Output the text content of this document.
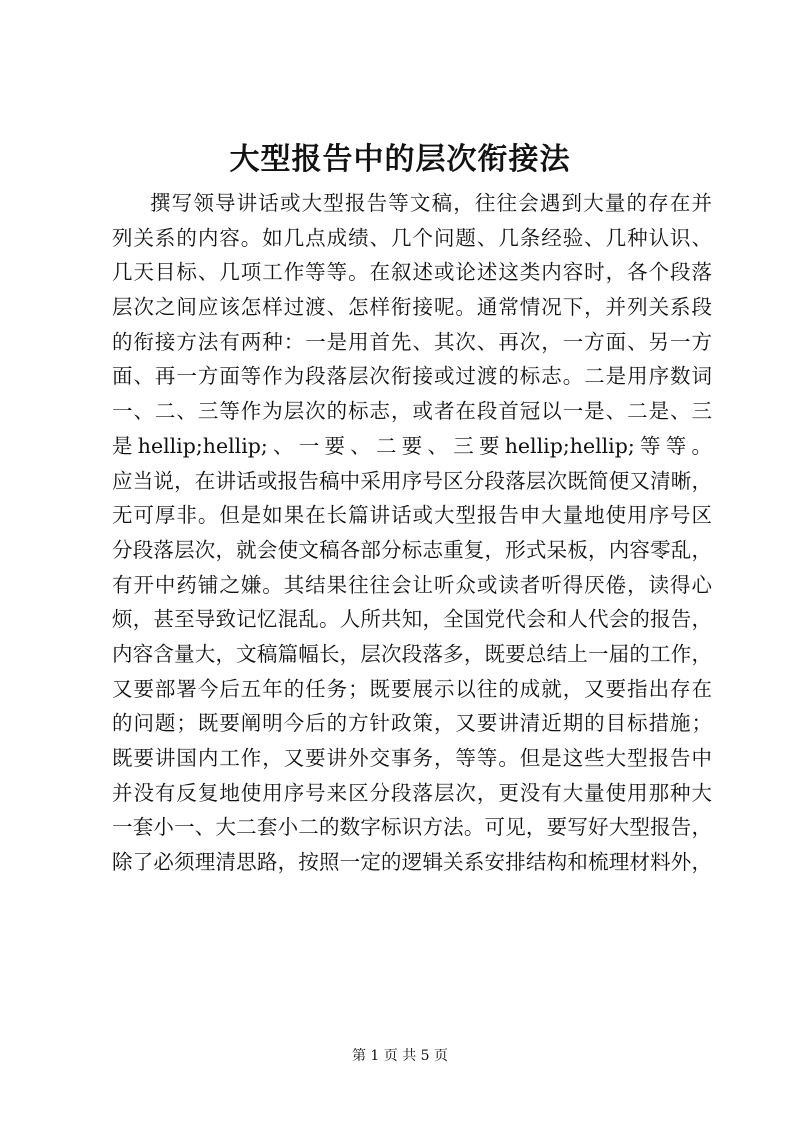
大型报告中的层次衔接法
撰写领导讲话或大型报告等文稿，往往会遇到大量的存在并
列关系的内容。如几点成绩、几个问题、几条经验、几种认识、
几天目标、几项工作等等。在叙述或论述这类内容时，各个段落
层次之间应该怎样过渡、怎样衔接呢。通常情况下，并列关系段
的衔接方法有两种：一是用首先、其次、再次，一方面、另一方
面、再一方面等作为段落层次衔接或过渡的标志。二是用序数词
一、二、三等作为层次的标志，或者在段首冠以一是、二是、三
是hellip;hellip;、一要、二要、三要hellip;hellip;等等。
应当说，在讲话或报告稿中采用序号区分段落层次既简便又清晰，
无可厚非。但是如果在长篇讲话或大型报告申大量地使用序号区
分段落层次，就会使文稿各部分标志重复，形式呆板，内容零乱，
有开中药铺之嫌。其结果往往会让听众或读者听得厌倦，读得心
烦，甚至导致记忆混乱。人所共知，全国党代会和人代会的报告，
内容含量大，文稿篇幅长，层次段落多，既要总结上一届的工作，
又要部署今后五年的任务；既要展示以往的成就，又要指出存在
的问题；既要阐明今后的方针政策，又要讲清近期的目标措施；
既要讲国内工作，又要讲外交事务，等等。但是这些大型报告中
并没有反复地使用序号来区分段落层次，更没有大量使用那种大
一套小一、大二套小二的数字标识方法。可见，要写好大型报告，
除了必须理清思路，按照一定的逻辑关系安排结构和梳理材料外，
第 1 页 共 5 页
